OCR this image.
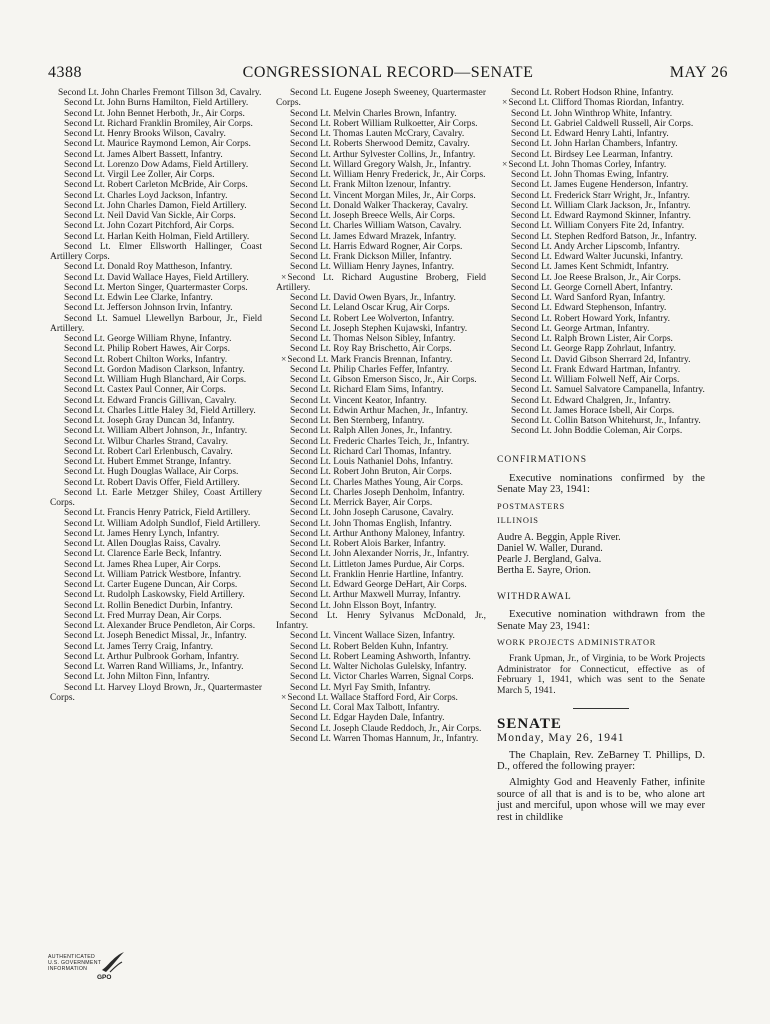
4388	CONGRESSIONAL RECORD—SENATE	MAY 26

Second Lt. John Charles Fremont Tillson 3d, Cavalry.

Second Lt. John Burns Hamilton, Field Artillery.

Second Lt. John Bennet Herboth, Jr., Air Corps.

Second Lt. Richard Franklin Bromiley, Air Corps.

Second Lt. Henry Brooks Wilson, Cavalry.

Second Lt. Maurice Raymond Lemon, Air Corps.

Second Lt. James Albert Bassett, Infantry.

Second Lt. Lorenzo Dow Adams, Field Artillery.

Second Lt. Virgil Lee Zoller, Air Corps.

Second Lt. Robert Carleton McBride, Air Corps.

Second Lt. Charles Loyd Jackson, Infantry.

Second Lt. John Charles Damon, Field Artillery.

Second Lt. Neil David Van Sickle, Air Corps.

Second Lt. John Cozart Pitchford, Air Corps.

Second Lt. Harlan Keith Holman, Field Artillery.

Second Lt. Elmer Ellsworth Hallinger, Coast Artillery Corps.

Second Lt. Donald Roy Mattheson, Infantry.

Second Lt. David Wallace Hayes, Field Artillery.

Second Lt. Merton Singer, Quartermaster Corps.

Second Lt. Edwin Lee Clarke, Infantry.

Second Lt. Jefferson Johnson Irvin, Infantry.

Second Lt. Samuel Llewellyn Barbour, Jr., Field Artillery.

Second Lt. George William Rhyne, Infantry.

Second Lt. Philip Robert Hawes, Air Corps.

Second Lt. Robert Chilton Works, Infantry.

Second Lt. Gordon Madison Clarkson, Infantry.

Second Lt. William Hugh Blanchard, Air Corps.

Second Lt. Castex Paul Conner, Air Corps.

Second Lt. Edward Francis Gillivan, Cavalry.

Second Lt. Charles Little Haley 3d, Field Artillery.

Second Lt. Joseph Gray Duncan 3d, Infantry.

Second Lt. William Albert Johnson, Jr., Infantry.

Second Lt. Wilbur Charles Strand, Cavalry.

Second Lt. Robert Carl Erlenbusch, Cavalry.

Second Lt. Hubert Emmet Strange, Infantry.

Second Lt. Hugh Douglas Wallace, Air Corps.

Second Lt. Robert Davis Offer, Field Artillery.

Second Lt. Earle Metzger Shiley, Coast Artillery Corps.

Second Lt. Francis Henry Patrick, Field Artillery.

Second Lt. William Adolph Sundlof, Field Artillery.

Second Lt. James Henry Lynch, Infantry.

Second Lt. Allen Douglas Raiss, Cavalry.

Second Lt. Clarence Earle Beck, Infantry.

Second Lt. James Rhea Luper, Air Corps.

Second Lt. William Patrick Westbore, Infantry.

Second Lt. Carter Eugene Duncan, Air Corps.

Second Lt. Rudolph Laskowsky, Field Artillery.

Second Lt. Rollin Benedict Durbin, Infantry.

Second Lt. Fred Murray Dean, Air Corps.

Second Lt. Alexander Bruce Pendleton, Air Corps.

Second Lt. Joseph Benedict Missal, Jr., Infantry.

Second Lt. James Terry Craig, Infantry.

Second Lt. Arthur Pulbrook Gorham, Infantry.

Second Lt. Warren Rand Williams, Jr., Infantry.

Second Lt. John Milton Finn, Infantry.

Second Lt. Harvey Lloyd Brown, Jr., Quartermaster Corps.

Second Lt. Eugene Joseph Sweeney, Quartermaster Corps.

Second Lt. Melvin Charles Brown, Infantry.

Second Lt. Robert William Rulkoetter, Air Corps.

Second Lt. Thomas Lauten McCrary, Cavalry.

Second Lt. Roberts Sherwood Demitz, Cavalry.

Second Lt. Arthur Sylvester Collins, Jr., Infantry.

Second Lt. Willard Gregory Walsh, Jr., Infantry.

Second Lt. William Henry Frederick, Jr., Air Corps.

Second Lt. Frank Milton Izenour, Infantry.

Second Lt. Vincent Morgan Miles, Jr., Air Corps.

Second Lt. Donald Walker Thackeray, Cavalry.

Second Lt. Joseph Breece Wells, Air Corps.

Second Lt. Charles William Watson, Cavalry.

Second Lt. James Edward Mrazek, Infantry.

Second Lt. Harris Edward Rogner, Air Corps.

Second Lt. Frank Dickson Miller, Infantry.

Second Lt. William Henry Jaynes, Infantry.

×Second Lt. Richard Augustine Broberg, Field Artillery.

Second Lt. David Owen Byars, Jr., Infantry.

Second Lt. Leland Oscar Krug, Air Corps.

Second Lt. Robert Lee Wolverton, Infantry.

Second Lt. Joseph Stephen Kujawski, Infantry.

Second Lt. Thomas Nelson Sibley, Infantry.

Second Lt. Roy Ray Brischetto, Air Corps.

×Second Lt. Mark Francis Brennan, Infantry.

Second Lt. Philip Charles Feffer, Infantry.

Second Lt. Gibson Emerson Sisco, Jr., Air Corps.

Second Lt. Richard Elam Sims, Infantry.

Second Lt. Vincent Keator, Infantry.

Second Lt. Edwin Arthur Machen, Jr., Infantry.

Second Lt. Ben Sternberg, Infantry.

Second Lt. Ralph Allen Jones, Jr., Infantry.

Second Lt. Frederic Charles Teich, Jr., Infantry.

Second Lt. Richard Carl Thomas, Infantry.

Second Lt. Louis Nathaniel Dohs, Infantry.

Second Lt. Robert John Bruton, Air Corps.

Second Lt. Charles Mathes Young, Air Corps.

Second Lt. Charles Joseph Denholm, Infantry.

Second Lt. Merrick Bayer, Air Corps.

Second Lt. John Joseph Carusone, Cavalry.

Second Lt. John Thomas English, Infantry.

Second Lt. Arthur Anthony Maloney, Infantry.

Second Lt. Robert Alois Barker, Infantry.

Second Lt. John Alexander Norris, Jr., Infantry.

Second Lt. Littleton James Purdue, Air Corps.

Second Lt. Franklin Henrie Hartline, Infantry.

Second Lt. Edward George DeHart, Air Corps.

Second Lt. Arthur Maxwell Murray, Infantry.

Second Lt. John Elsson Boyt, Infantry.

Second Lt. Henry Sylvanus McDonald, Jr., Infantry.

Second Lt. Vincent Wallace Sizen, Infantry.

Second Lt. Robert Belden Kuhn, Infantry.

Second Lt. Robert Leaming Ashworth, Infantry.

Second Lt. Walter Nicholas Gulelsky, Infantry.

Second Lt. Victor Charles Warren, Signal Corps.

Second Lt. Myrl Fay Smith, Infantry.

×Second Lt. Wallace Stafford Ford, Air Corps.

Second Lt. Coral Max Talbott, Infantry.

Second Lt. Edgar Hayden Dale, Infantry.

Second Lt. Joseph Claude Reddoch, Jr., Air Corps.

Second Lt. Warren Thomas Hannum, Jr., Infantry.

Second Lt. Robert Hodson Rhine, Infantry.

×Second Lt. Clifford Thomas Riordan, Infantry.

Second Lt. John Winthrop White, Infantry.

Second Lt. Gabriel Caldwell Russell, Air Corps.

Second Lt. Edward Henry Lahti, Infantry.

Second Lt. John Harlan Chambers, Infantry.

Second Lt. Birdsey Lee Learman, Infantry.

×Second Lt. John Thomas Corley, Infantry.

Second Lt. John Thomas Ewing, Infantry.

Second Lt. James Eugene Henderson, Infantry.

Second Lt. Frederick Starr Wright, Jr., Infantry.

Second Lt. William Clark Jackson, Jr., Infantry.

Second Lt. Edward Raymond Skinner, Infantry.

Second Lt. William Conyers Fite 2d, Infantry.

Second Lt. Stephen Redford Batson, Jr., Infantry.

Second Lt. Andy Archer Lipscomb, Infantry.

Second Lt. Edward Walter Jucunski, Infantry.

Second Lt. James Kent Schmidt, Infantry.

Second Lt. Joe Reese Bralson, Jr., Air Corps.

Second Lt. George Cornell Abert, Infantry.

Second Lt. Ward Sanford Ryan, Infantry.

Second Lt. Edward Stephenson, Infantry.

Second Lt. Robert Howard York, Infantry.

Second Lt. George Artman, Infantry.

Second Lt. Ralph Brown Lister, Air Corps.

Second Lt. George Rapp Zohrlaut, Infantry.

Second Lt. David Gibson Sherrard 2d, Infantry.

Second Lt. Frank Edward Hartman, Infantry.

Second Lt. William Folwell Neff, Air Corps.

Second Lt. Samuel Salvatore Campanella, Infantry.

Second Lt. Edward Chalgren, Jr., Infantry.

Second Lt. James Horace Isbell, Air Corps.

Second Lt. Collin Batson Whitehurst, Jr., Infantry.

Second Lt. John Boddie Coleman, Air Corps.

CONFIRMATIONS

Executive nominations confirmed by the Senate May 23, 1941:

POSTMASTERS

ILLINOIS

Audre A. Beggin, Apple River.

Daniel W. Waller, Durand.

Pearle J. Bergland, Galva.

Bertha E. Sayre, Orion.

WITHDRAWAL

Executive nomination withdrawn from the Senate May 23, 1941:

WORK PROJECTS ADMINISTRATOR

Frank Upman, Jr., of Virginia, to be Work Projects Administrator for Connecticut, effective as of February 1, 1941, which was sent to the Senate March 5, 1941.

SENATE

Monday, May 26, 1941

The Chaplain, Rev. ZeBarney T. Phillips, D. D., offered the following prayer:

Almighty God and Heavenly Father, infinite source of all that is and is to be, who alone art just and merciful, upon whose will we may ever rest in childlike

AUTHENTICATED
U.S. GOVERNMENT
INFORMATION
GPO
